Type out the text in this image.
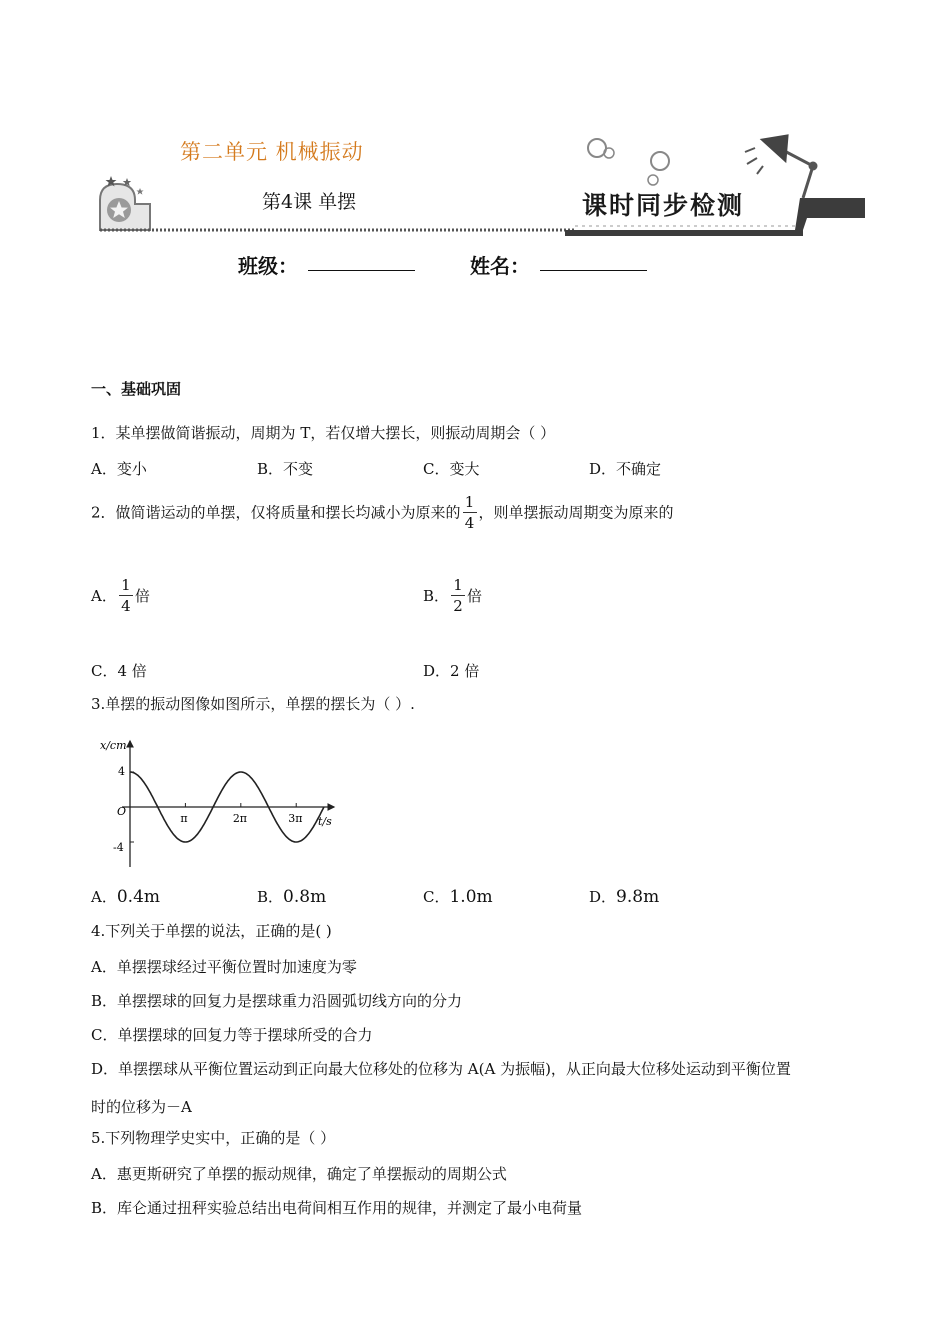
第二单元 机械振动
第4课 单摆	课时同步检测
班级：	姓名：
一、基础巩固
1．某单摆做简谐振动，周期为 T，若仅增大摆长，则振动周期会（ ）
A．变小	B．不变	C．变大	D．不确定
2．做简谐运动的单摆，仅将质量和摆长均减小为原来的 $\frac{1}{4}$ ，则单摆振动周期变为原来的
A． $\frac{1}{4}$ 倍	B． $\frac{1}{2}$ 倍
C．4 倍	D．2 倍
3.单摆的振动图像如图所示，单摆的摆长为（ ）.
x/cm
t/s
O
4
-4
π	2π	3π
A．0.4m	B．0.8m	C．1.0m	D．9.8m
4.下列关于单摆的说法，正确的是( )
A．单摆摆球经过平衡位置时加速度为零
B．单摆摆球的回复力是摆球重力沿圆弧切线方向的分力
C．单摆摆球的回复力等于摆球所受的合力
D．单摆摆球从平衡位置运动到正向最大位移处的位移为 A(A 为振幅)，从正向最大位移处运动到平衡位置
时的位移为－A
5.下列物理学史实中，正确的是（ ）
A．惠更斯研究了单摆的振动规律，确定了单摆振动的周期公式
B．库仑通过扭秤实验总结出电荷间相互作用的规律，并测定了最小电荷量
